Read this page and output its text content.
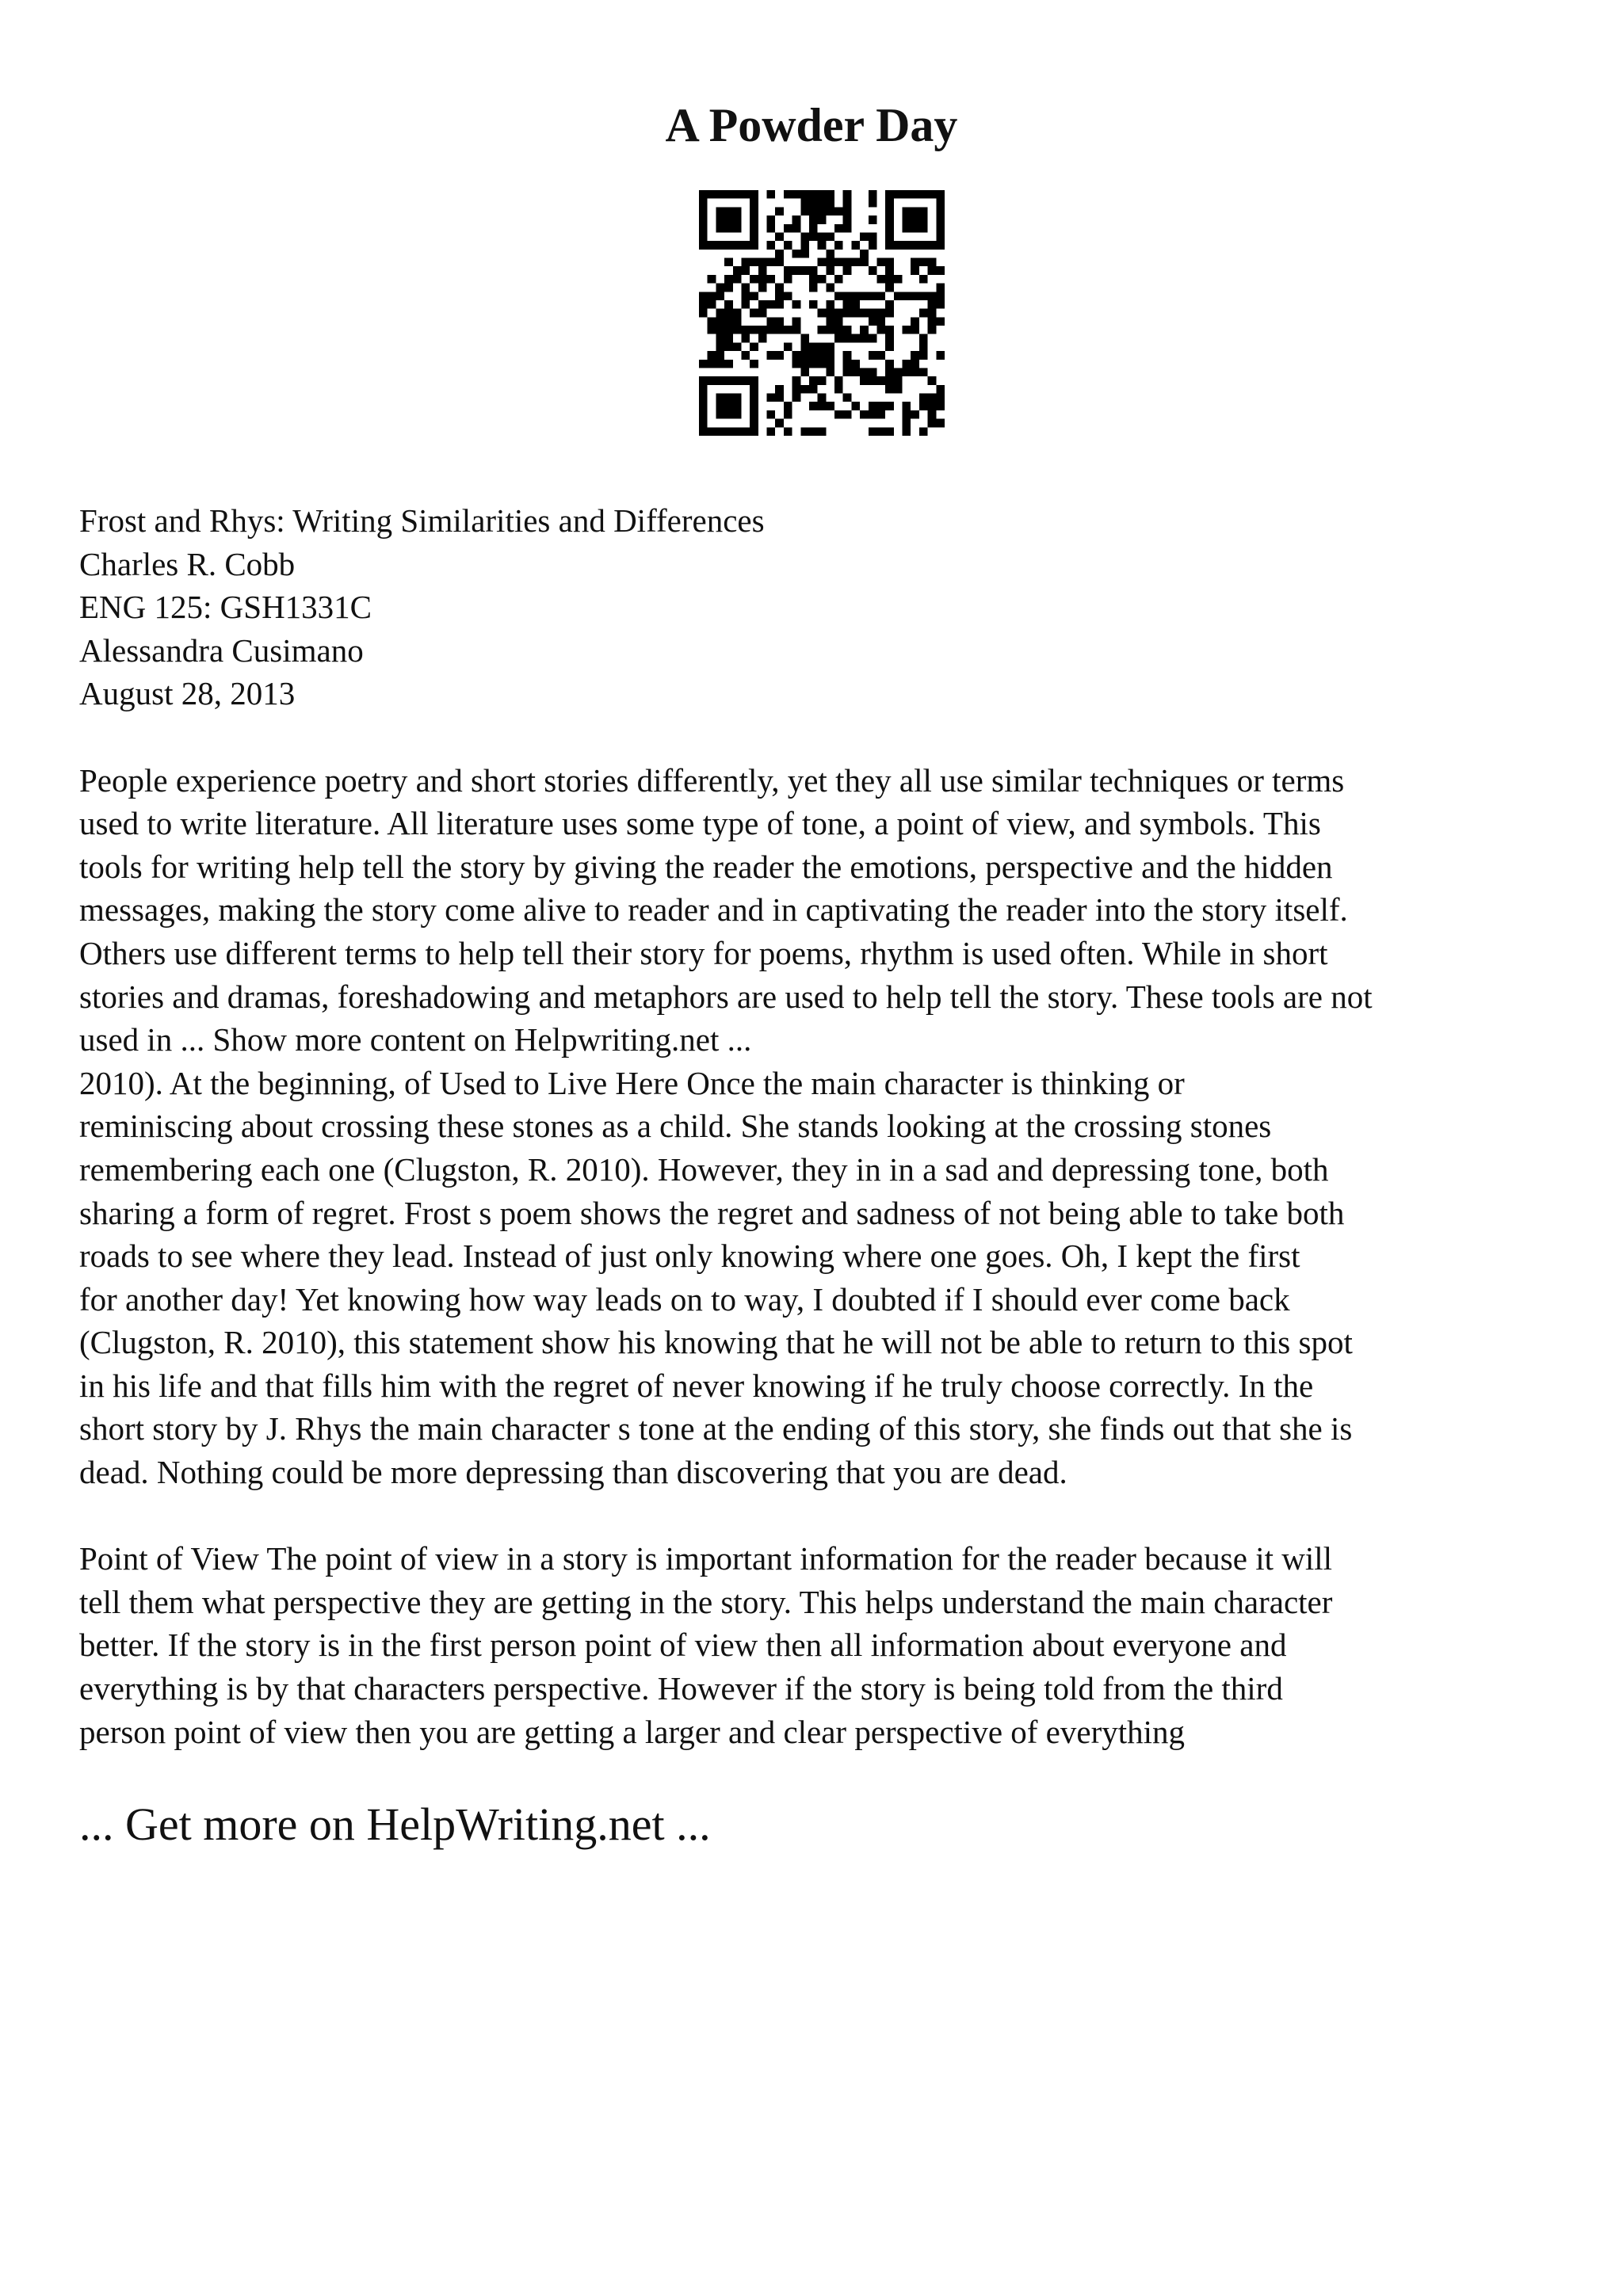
A Powder Day

Frost and Rhys: Writing Similarities and Differences

Charles R. Cobb

ENG 125: GSH1331C

Alessandra Cusimano

August 28, 2013

People experience poetry and short stories differently, yet they all use similar techniques or terms
used to write literature. All literature uses some type of tone, a point of view, and symbols. This
tools for writing help tell the story by giving the reader the emotions, perspective and the hidden
messages, making the story come alive to reader and in captivating the reader into the story itself.
Others use different terms to help tell their story for poems, rhythm is used often. While in short
stories and dramas, foreshadowing and metaphors are used to help tell the story. These tools are not
used in ... Show more content on Helpwriting.net ...
2010). At the beginning, of Used to Live Here Once the main character is thinking or
reminiscing about crossing these stones as a child. She stands looking at the crossing stones
remembering each one (Clugston, R. 2010). However, they in in a sad and depressing tone, both
sharing a form of regret. Frost s poem shows the regret and sadness of not being able to take both
roads to see where they lead. Instead of just only knowing where one goes. Oh, I kept the first
for another day! Yet knowing how way leads on to way, I doubted if I should ever come back
(Clugston, R. 2010), this statement show his knowing that he will not be able to return to this spot
in his life and that fills him with the regret of never knowing if he truly choose correctly. In the
short story by J. Rhys the main character s tone at the ending of this story, she finds out that she is
dead. Nothing could be more depressing than discovering that you are dead.

Point of View The point of view in a story is important information for the reader because it will
tell them what perspective they are getting in the story. This helps understand the main character
better. If the story is in the first person point of view then all information about everyone and
everything is by that characters perspective. However if the story is being told from the third
person point of view then you are getting a larger and clear perspective of everything

... Get more on HelpWriting.net ...
